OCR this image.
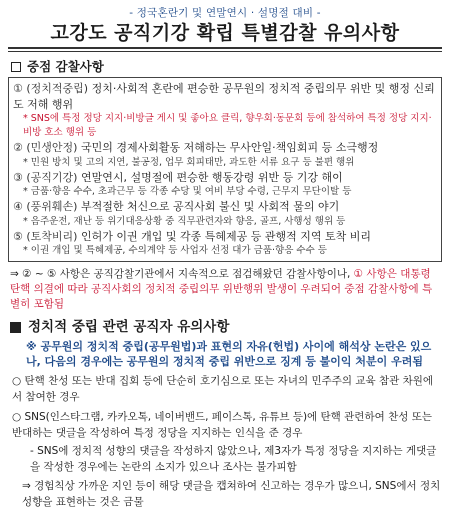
- 정국혼란기 및 연말연시 · 설명절 대비 -
고강도 공직기강 확립 특별감찰 유의사항
중점 감찰사항
① (정치적중립) 정치·사회적 혼란에 편승한 공무원의 정치적 중립의무 위반 및 행정 신뢰도 저해 행위
* SNS에 특정 정당 지지·비방글 게시 및 좋아요 클릭, 향우회·동문회 등에 참석하여 특정 정당 지지·비방 호소 행위 등
② (민생안정) 국민의 경제사회활동 저해하는 무사안일·책임회피 등 소극행정
* 민원 방치 및 고의 지연, 불공정, 업무 회피태만, 과도한 서류 요구 등 불편 행위
③ (공직기강) 연말연시, 설명절에 편승한 행동강령 위반 등 기강 해이
* 금품·향응 수수, 초과근무 등 각종 수당 및 여비 부당 수령, 근무지 무단이탈 등
④ (풍위훼손) 부적절한 처신으로 공직사회 불신 및 사회적 물의 야기
* 음주운전, 재난 등 위기대응상황 중 직무관련자와 향응, 골프, 사행성 행위 등
⑤ (토착비리) 인허가 이권 개입 및 각종 특혜제공 등 관행적 지역 토착 비리
* 이권 개입 및 특혜제공, 수의계약 등 사업자 선정 대가 금품·향응 수수 등
⇒ ② ~ ⑤ 사항은 공직감찰기관에서 지속적으로 점검해왔던 감찰사항이나, ① 사항은 대통령 탄핵 의결에 따라 공직사회의 정치적 중립의무 위반행위 발생이 우려되어 중점 감찰사항에 특별히 포함됨
정치적 중립 관련 공직자 유의사항
※ 공무원의 정치적 중립(공무원법)과 표현의 자유(헌법) 사이에 해석상 논란은 있으나, 다음의 경우에는 공무원의 정치적 중립 위반으로 징계 등 불이익 처분이 우려됨
○ 탄핵 찬성 또는 반대 집회 등에 단순히 호기심으로 또는 자녀의 민주주의 교육 참관 차원에서 참여한 경우
○ SNS(인스타그램, 카카오톡, 네이버밴드, 페이스톡, 유튜브 등)에 탄핵 관련하여 찬성 또는 반대하는 댓글을 작성하여 특정 정당을 지지하는 인식을 준 경우
- SNS에 정치적 성향의 댓글을 작성하지 않았으나, 제3자가 특정 정당을 지지하는 게댓글을 작성한 경우에는 논란의 소지가 있으나 조사는 불가피함
⇒ 경험칙상 가까운 지인 등이 해당 댓글을 캡쳐하여 신고하는 경우가 많으니, SNS에서 정치 성향을 표현하는 것은 금물
